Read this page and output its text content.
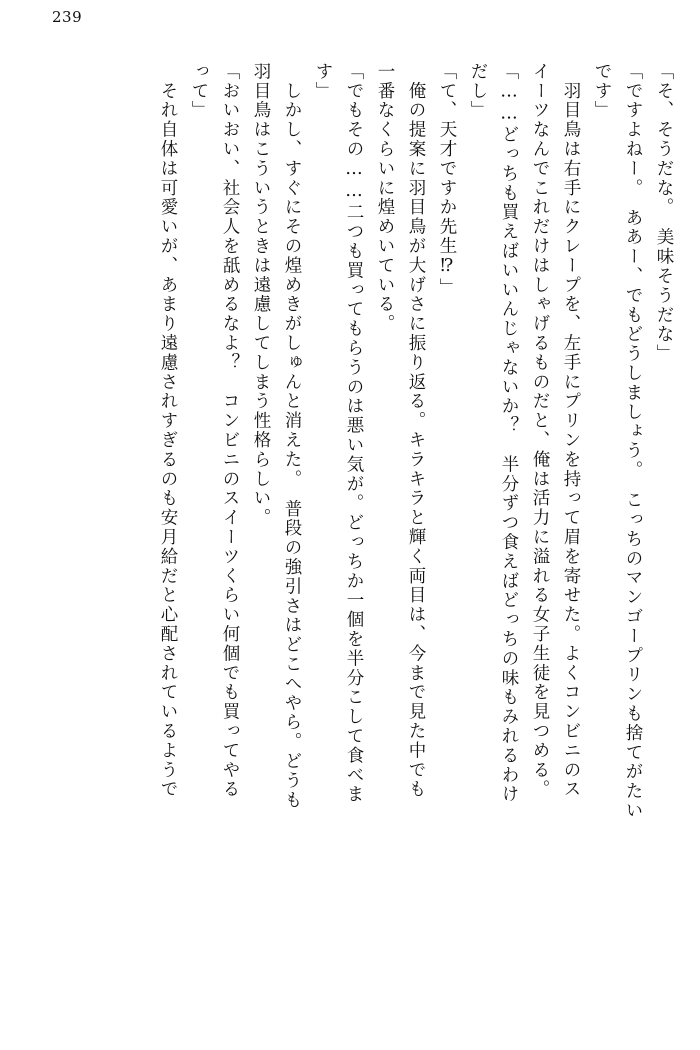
239
「そ、そうだな。　美味そうだな」
「ですよねー。　ああー、でもどうしましょう。　こっちのマンゴープリンも捨てがたい
です」
　羽目鳥は右手にクレープを、左手にプリンを持って眉を寄せた。よくコンビニのス
イーツなんでこれだけはしゃげるものだと、俺は活力に溢れる女子生徒を見つめる。
「……どっちも買えばいいんじゃないか？　半分ずつ食えばどっちの味もみれるわけ
だし」
「て、天才ですか先生⁉」
　俺の提案に羽目鳥が大げさに振り返る。キラキラと輝く両目は、今まで見た中でも
一番なくらいに煌めいている。
「でもその……二つも買ってもらうのは悪い気が。どっちか一個を半分こして食べま
す」
　しかし、すぐにその煌めきがしゅんと消えた。　普段の強引さはどこへやら。どうも
羽目鳥はこういうときは遠慮してしまう性格らしい。
「おいおい、社会人を舐めるなよ？　コンビニのスイーツくらい何個でも買ってやる
って」
　それ自体は可愛いが、あまり遠慮されすぎるのも安月給だと心配されているようで
